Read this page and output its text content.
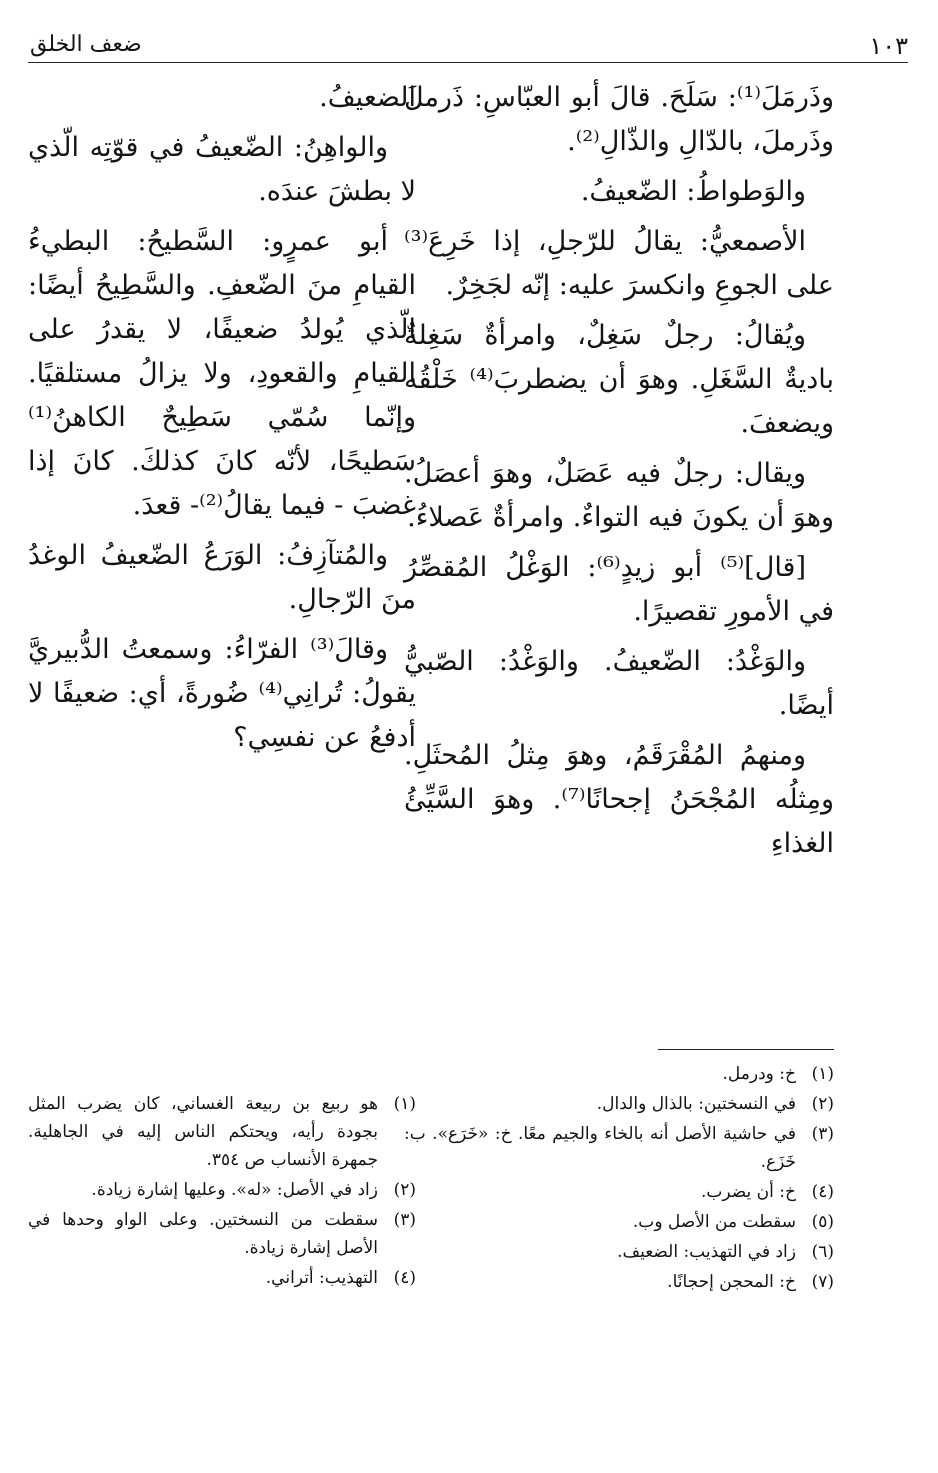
١٠٣
ضعف الخلق

وذَرمَلَ⁽¹⁾: سَلَحَ. قالَ أبو العبّاسِ: ذَرملَ وذَرملَ، بالدّالِ والذّالِ⁽²⁾.

والوَطواطُ: الضّعيفُ.

الأصمعيُّ: يقالُ للرّجلِ، إذا خَرِعَ⁽³⁾ على الجوعِ وانكسرَ عليه: إنّه لجَخِرٌ.

ويُقالُ: رجلٌ سَغِلٌ، وامرأةٌ سَغِلةٌ باديةٌ السَّغَلِ. وهوَ أن يضطربَ⁽⁴⁾ خَلْقُه ويضعفَ.

ويقال: رجلٌ فيه عَصَلٌ، وهوَ أعصَلُ. وهوَ أن يكونَ فيه التواءٌ. وامرأةٌ عَصلاءُ.

[قال]⁽⁵⁾ أبو زيدٍ⁽⁶⁾: الوَغْلُ المُقصِّرُ في الأمورِ تقصيرًا.

والوَغْدُ: الضّعيفُ. والوَغْدُ: الصّبيُّ أيضًا.

ومنهمُ المُقْرَقَمُ، وهوَ مِثلُ المُحثَلِ. ومِثلُه المُجْحَنُ إجحانًا⁽⁷⁾. وهوَ السَّيِّئُ الغذاءِ

الضعيفُ.

والواهِنُ: الضّعيفُ في قوّتِه الّذي لا بطشَ عندَه.

أبو عمرٍو: السَّطيحُ: البطيءُ القيامِ منَ الضّعفِ. والسَّطِيحُ أيضًا: الّذي يُولدُ ضعيفًا، لا يقدرُ على القيامِ والقعودِ، ولا يزالُ مستلقيًا. وإنّما سُمّي سَطِيحٌ الكاهنُ⁽¹⁾ سَطيحًا، لأنّه كانَ كذلكَ. كانَ إذا غضبَ - فيما يقالُ⁽²⁾- قعدَ.

والمُتآزِفُ: الوَرَعُ الضّعيفُ الوغدُ منَ الرّجالِ.

وقالَ⁽³⁾ الفرّاءُ: وسمعتُ الدُّبيريَّ يقولُ: تُرانِي⁽⁴⁾ ضُورةً، أي: ضعيفًا لا أدفعُ عن نفسِي؟

(١)
خ: ودرمل.
(٢)
في النسختين: بالذال والدال.
(٣)
في حاشية الأصل أنه بالخاء والجيم معًا. خ: «خَرَع». ب: خَزَع.
(٤)
خ: أن يضرب.
(٥)
سقطت من الأصل وب.
(٦)
زاد في التهذيب: الضعيف.
(٧)
خ: المحجن إحجانًا.
(١)
هو ربيع بن ربيعة الغساني، كان يضرب المثل بجودة رأيه، ويحتكم الناس إليه في الجاهلية. جمهرة الأنساب ص ٣٥٤.
(٢)
زاد في الأصل: «له». وعليها إشارة زيادة.
(٣)
سقطت من النسختين. وعلى الواو وحدها في الأصل إشارة زيادة.
(٤)
التهذيب: أتراني.
